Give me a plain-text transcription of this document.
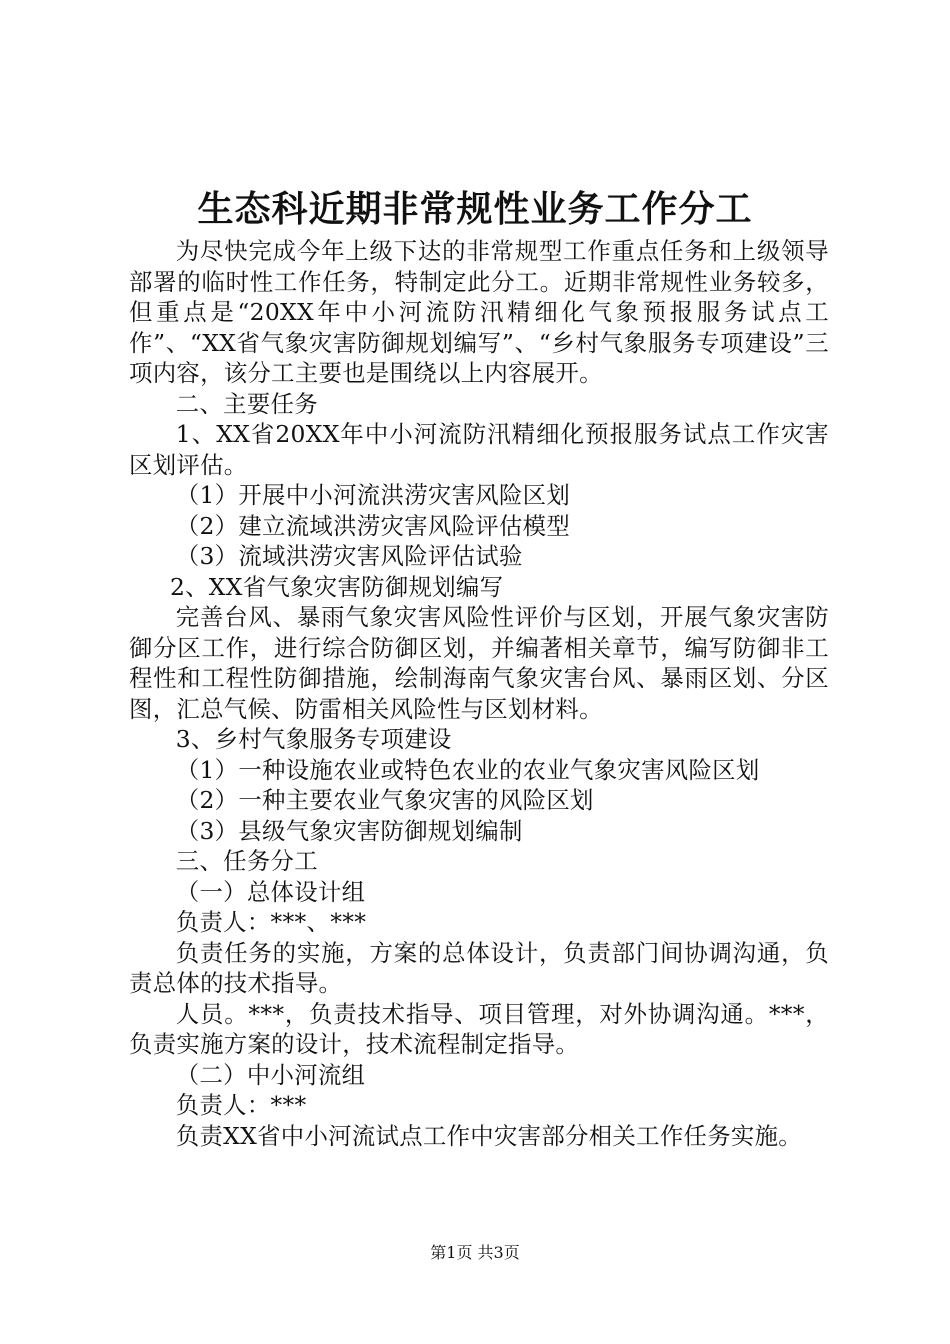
生态科近期非常规性业务工作分工

为尽快完成今年上级下达的非常规型工作重点任务和上级领导部署的临时性工作任务，特制定此分工。近期非常规性业务较多，但重点是“20XX年中小河流防汛精细化气象预报服务试点工作”、“XX省气象灾害防御规划编写”、“乡村气象服务专项建设”三项内容，该分工主要也是围绕以上内容展开。

二、主要任务

1、XX省20XX年中小河流防汛精细化预报服务试点工作灾害区划评估。

（1）开展中小河流洪涝灾害风险区划

（2）建立流域洪涝灾害风险评估模型

（3）流域洪涝灾害风险评估试验

2、XX省气象灾害防御规划编写

完善台风、暴雨气象灾害风险性评价与区划，开展气象灾害防御分区工作，进行综合防御区划，并编著相关章节，编写防御非工程性和工程性防御措施，绘制海南气象灾害台风、暴雨区划、分区图，汇总气候、防雷相关风险性与区划材料。

3、乡村气象服务专项建设

（1）一种设施农业或特色农业的农业气象灾害风险区划

（2）一种主要农业气象灾害的风险区划

（3）县级气象灾害防御规划编制

三、任务分工

（一）总体设计组

负责人：***、***

负责任务的实施，方案的总体设计，负责部门间协调沟通，负责总体的技术指导。

人员。***，负责技术指导、项目管理，对外协调沟通。***，负责实施方案的设计，技术流程制定指导。

（二）中小河流组

负责人：***

负责XX省中小河流试点工作中灾害部分相关工作任务实施。

第1页 共3页
